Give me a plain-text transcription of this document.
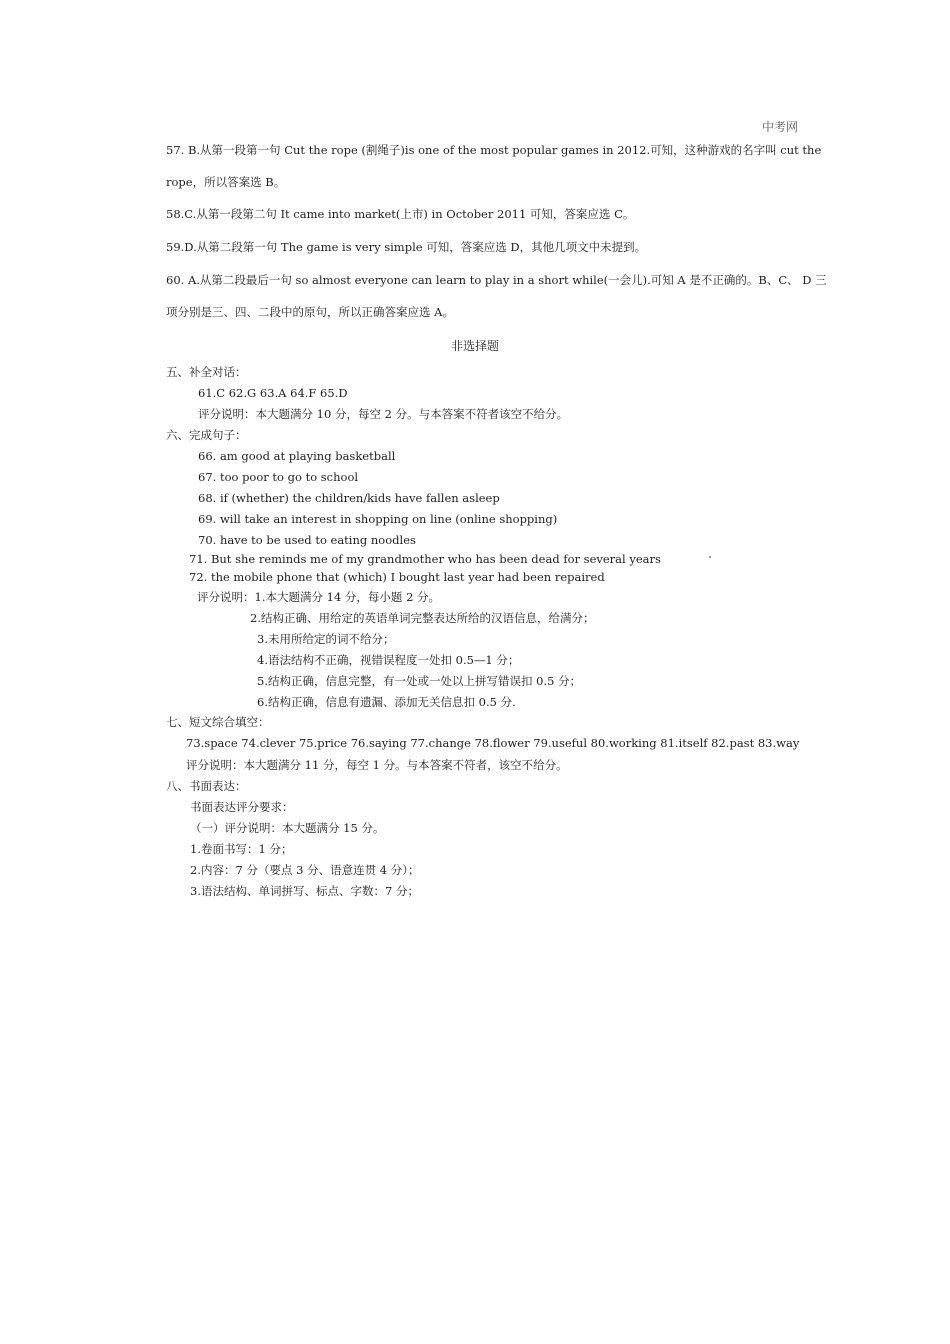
中考网
57. B.从第一段第一句 Cut the rope (割绳子)is one of the most popular games in 2012.可知，这种游戏的名字叫 cut the
rope，所以答案选 B。
58.C.从第一段第二句 It came into market(上市) in October 2011 可知，答案应选 C。
59.D.从第二段第一句 The game is very simple 可知，答案应选 D，其他几项文中未提到。
60. A.从第二段最后一句 so almost everyone can learn to play in a short while(一会儿).可知 A 是不正确的。B、C、 D 三
项分别是三、四、二段中的原句，所以正确答案应选 A。
非选择题
五、补全对话：
61.C 62.G 63.A 64.F 65.D
评分说明：本大题满分 10 分，每空 2 分。与本答案不符者该空不给分。
六、完成句子：
66. am good at playing basketball
67. too poor to go to school
68. if (whether) the children/kids have fallen asleep
69. will take an interest in shopping on line (online shopping)
70. have to be used to eating noodles
71. But she reminds me of my grandmother who has been dead for several years
72. the mobile phone that (which) I bought last year had been repaired
评分说明：1.本大题满分 14 分，每小题 2 分。
2.结构正确、用给定的英语单词完整表达所给的汉语信息，给满分；
3.未用所给定的词不给分；
4.语法结构不正确，视错误程度一处扣 0.5—1 分；
5.结构正确，信息完整，有一处或一处以上拼写错误扣 0.5 分；
6.结构正确，信息有遗漏、添加无关信息扣 0.5 分.
七、短文综合填空：
73.space 74.clever 75.price 76.saying 77.change 78.flower 79.useful 80.working 81.itself 82.past 83.way
评分说明：本大题满分 11 分，每空 1 分。与本答案不符者，该空不给分。
八、书面表达：
书面表达评分要求：
（一）评分说明：本大题满分 15 分。
1.卷面书写：1 分；
2.内容：7 分（要点 3 分、语意连贯 4 分）；
3.语法结构、单词拼写、标点、字数：7 分；
